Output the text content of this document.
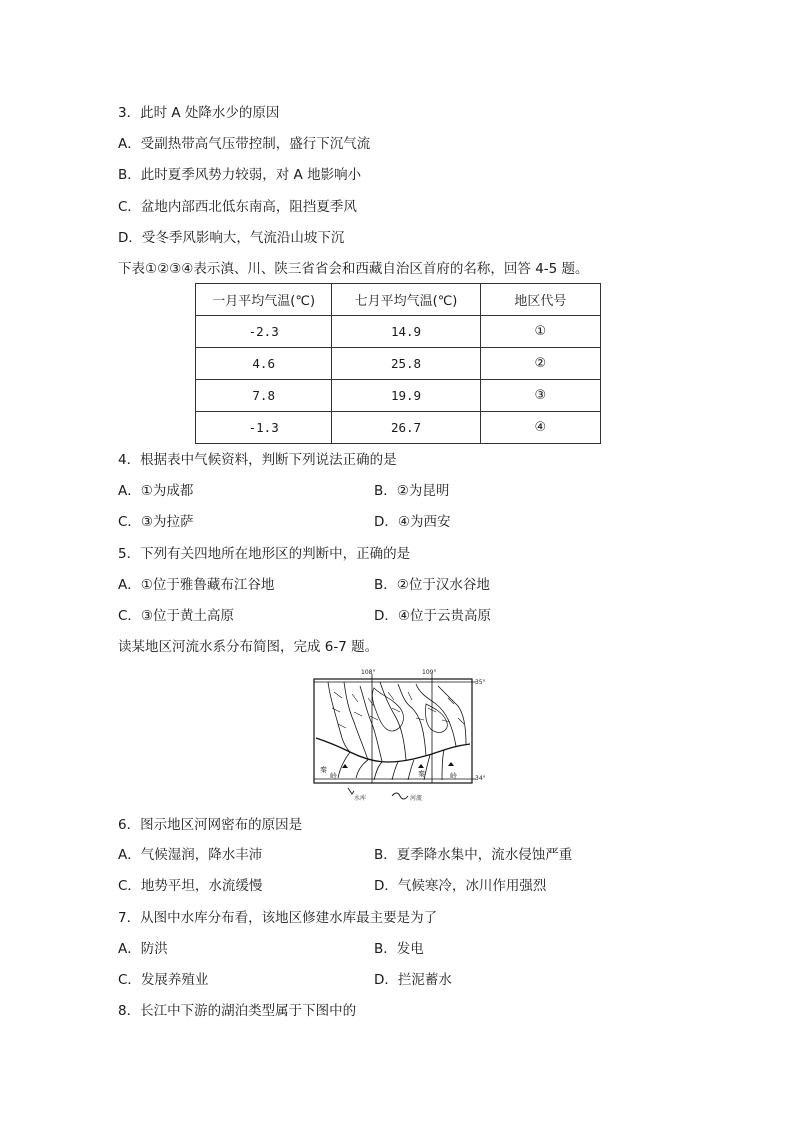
3．此时 A 处降水少的原因
A．受副热带高气压带控制，盛行下沉气流
B．此时夏季风势力较弱，对 A 地影响小
C．盆地内部西北低东南高，阻挡夏季风
D．受冬季风影响大，气流沿山坡下沉
下表①②③④表示滇、川、陕三省省会和西藏自治区首府的名称，回答 4-5 题。
一月平均气温(℃)	七月平均气温(℃)	地区代号
-2.3	14.9	①
4.6	25.8	②
7.8	19.9	③
-1.3	26.7	④
4．根据表中气候资料，判断下列说法正确的是
A．①为成都	B．②为昆明
C．③为拉萨	D．④为西安
5．下列有关四地所在地形区的判断中，正确的是
A．①位于雅鲁藏布江谷地	B．②位于汉水谷地
C．③位于黄土高原	D．④位于云贵高原
读某地区河流水系分布简图，完成 6-7 题。
108°	109°
35°
34°
秦
岭	秦	岭
水库	河流
6．图示地区河网密布的原因是
A．气候湿润，降水丰沛	B．夏季降水集中，流水侵蚀严重
C．地势平坦，水流缓慢	D．气候寒冷，冰川作用强烈
7．从图中水库分布看，该地区修建水库最主要是为了
A．防洪	B．发电
C．发展养殖业	D．拦泥蓄水
8．长江中下游的湖泊类型属于下图中的
